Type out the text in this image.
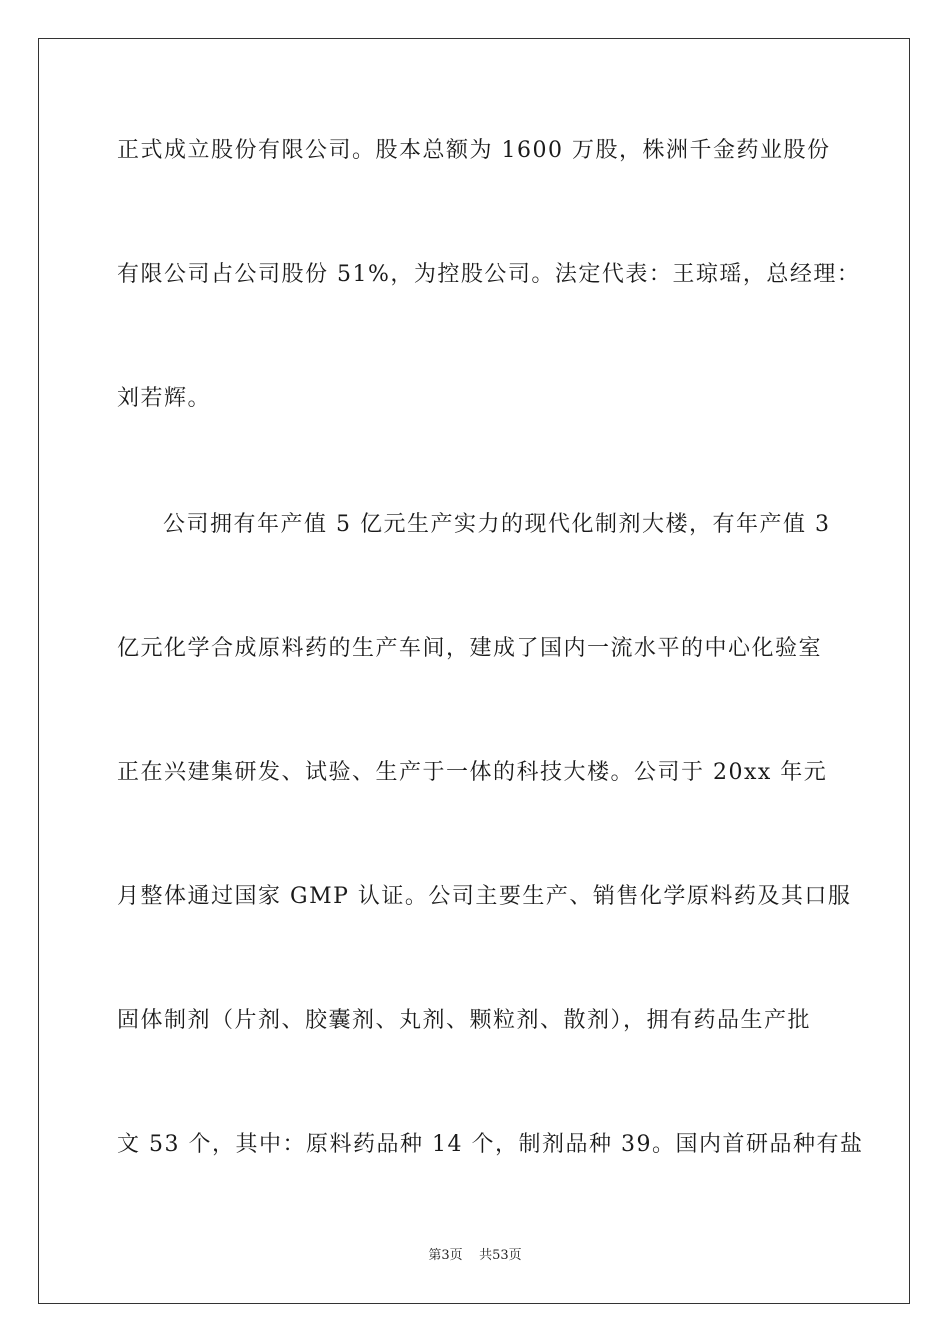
正式成立股份有限公司。股本总额为 1600 万股，株洲千金药业股份
有限公司占公司股份 51%，为控股公司。法定代表：王琼瑶，总经理：
刘若辉。
公司拥有年产值 5 亿元生产实力的现代化制剂大楼，有年产值 3
亿元化学合成原料药的生产车间，建成了国内一流水平的中心化验室
正在兴建集研发、试验、生产于一体的科技大楼。公司于 20xx 年元
月整体通过国家 GMP 认证。公司主要生产、销售化学原料药及其口服
固体制剂（片剂、胶囊剂、丸剂、颗粒剂、散剂），拥有药品生产批
文 53 个，其中：原料药品种 14 个，制剂品种 39。国内首研品种有盐
第3页 共53页
